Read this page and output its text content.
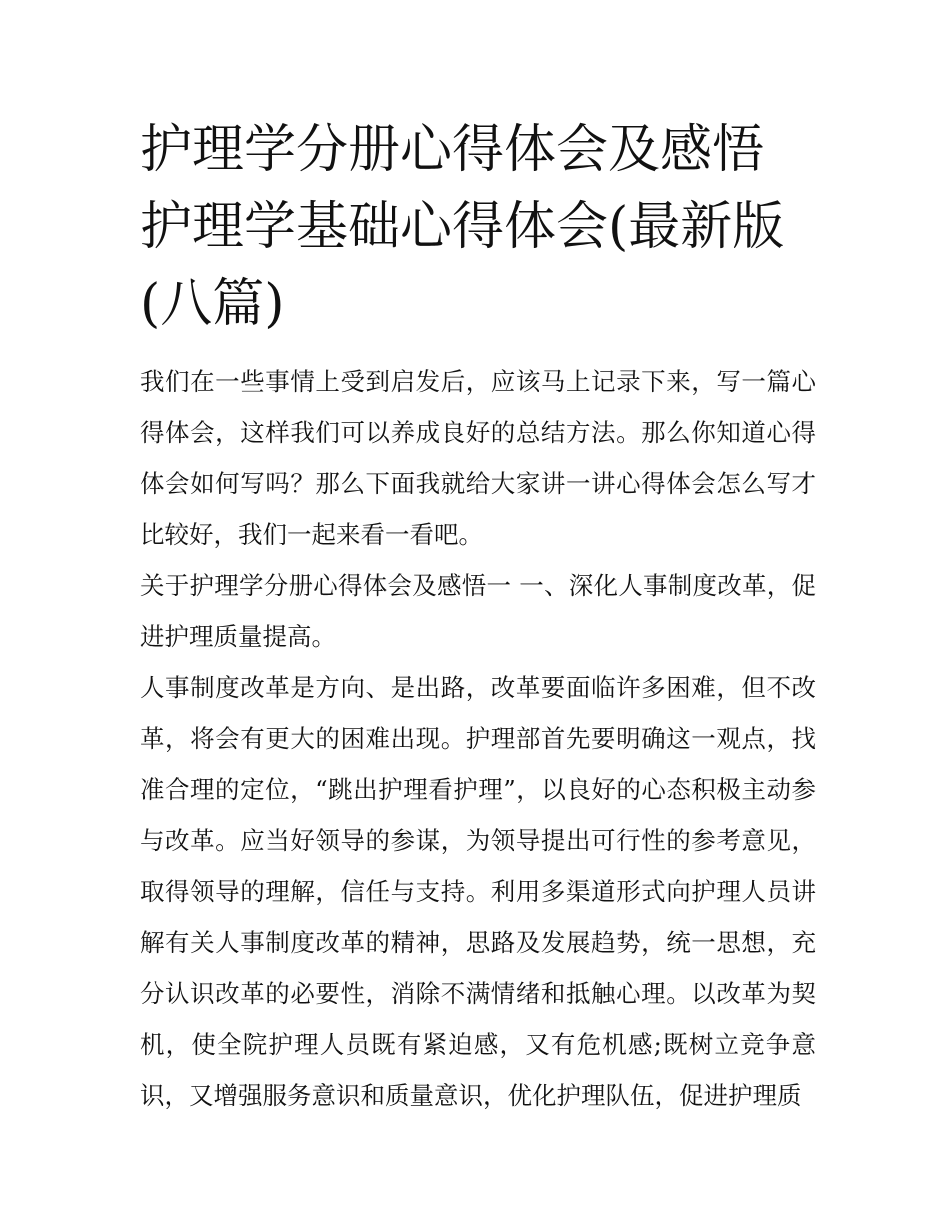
护理学分册心得体会及感悟 护理学基础心得体会(最新版(八篇)

我们在一些事情上受到启发后，应该马上记录下来，写一篇心得体会，这样我们可以养成良好的总结方法。那么你知道心得体会如何写吗？那么下面我就给大家讲一讲心得体会怎么写才比较好，我们一起来看一看吧。

关于护理学分册心得体会及感悟一 一、深化人事制度改革，促进护理质量提高。

人事制度改革是方向、是出路，改革要面临许多困难，但不改革，将会有更大的困难出现。护理部首先要明确这一观点，找准合理的定位，“跳出护理看护理”，以良好的心态积极主动参与改革。应当好领导的参谋，为领导提出可行性的参考意见，取得领导的理解，信任与支持。利用多渠道形式向护理人员讲解有关人事制度改革的精神，思路及发展趋势，统一思想，充分认识改革的必要性，消除不满情绪和抵触心理。以改革为契机，使全院护理人员既有紧迫感，又有危机感;既树立竞争意识，又增强服务意识和质量意识，优化护理队伍，促进护理质
